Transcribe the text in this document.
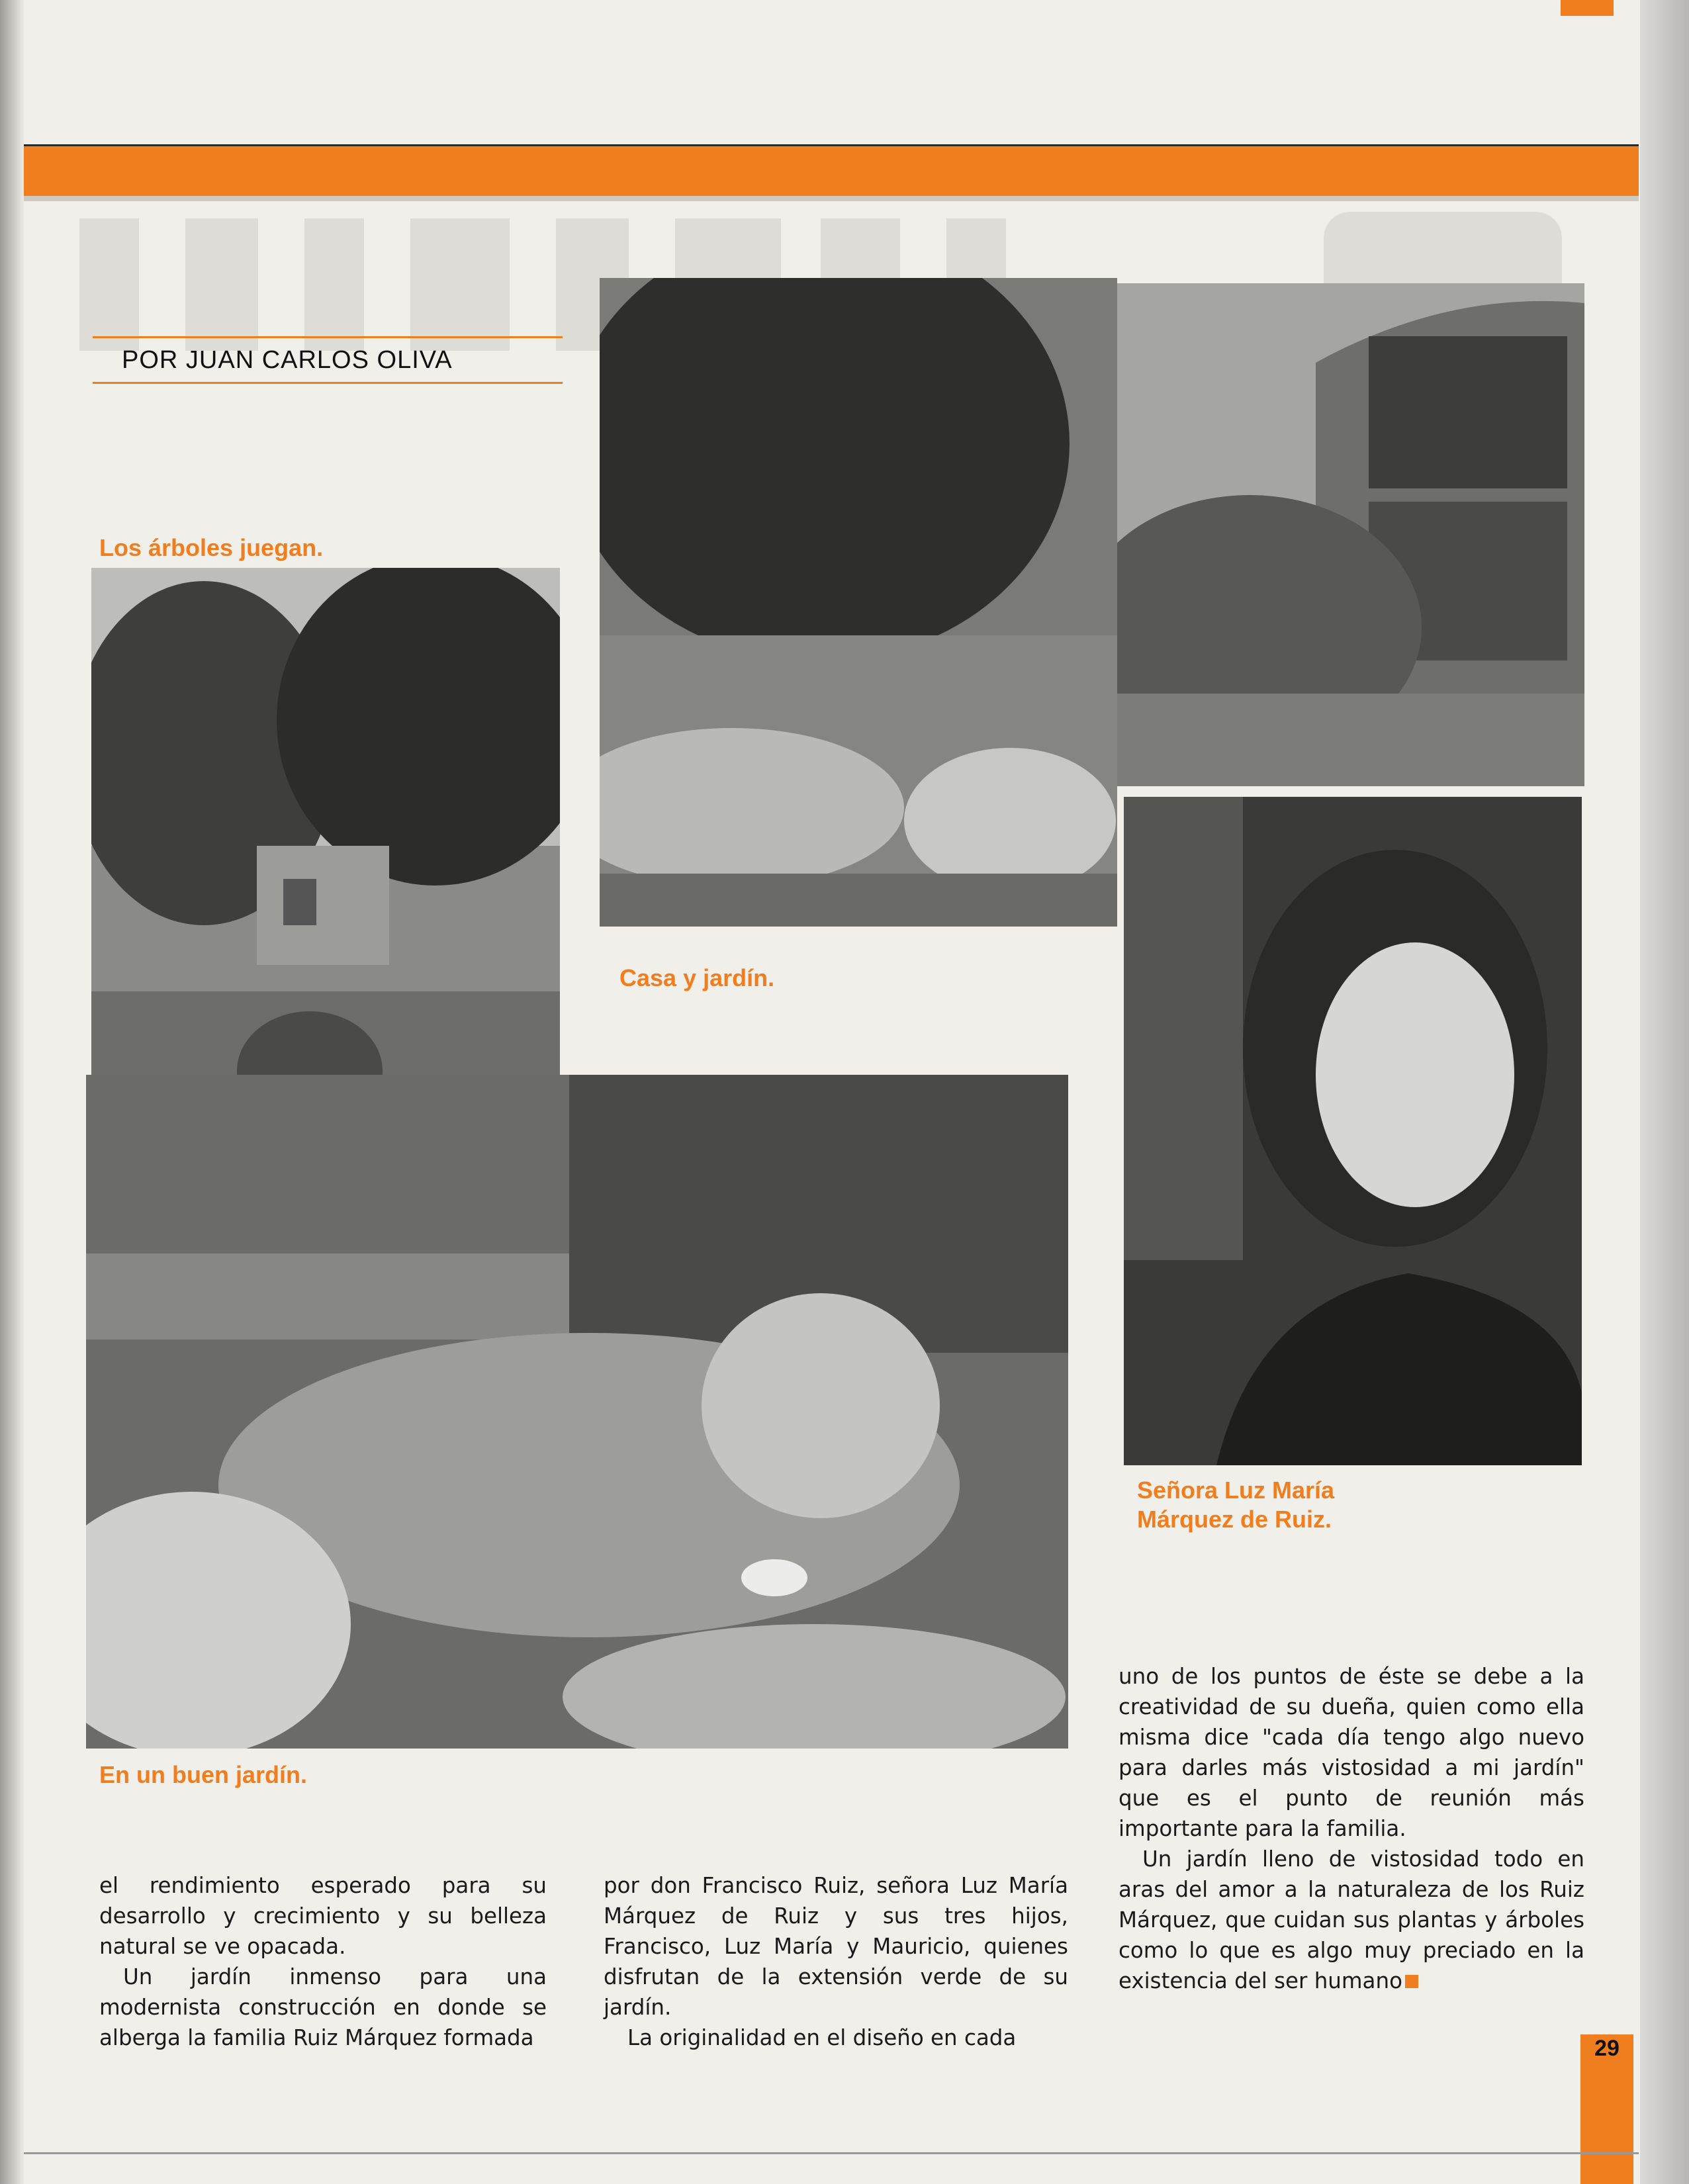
POR JUAN CARLOS OLIVA
Los árboles juegan.
Casa y jardín.
Señora Luz María
Márquez de Ruiz.
En un buen jardín.

el rendimiento esperado para su desarrollo y crecimiento y su belleza natural se ve opacada.

Un jardín inmenso para una modernista construcción en donde se alberga la familia Ruiz Márquez formada

por don Francisco Ruiz, señora Luz María Márquez de Ruiz y sus tres hijos, Francisco, Luz María y Mauricio, quienes disfrutan de la extensión verde de su jardín.

La originalidad en el diseño en cada

uno de los puntos de éste se debe a la creatividad de su dueña, quien como ella misma dice "cada día tengo algo nuevo para darles más vistosidad a mi jardín" que es el punto de reunión más importante para la familia.

Un jardín lleno de vistosidad todo en aras del amor a la naturaleza de los Ruiz Márquez, que cuidan sus plantas y árboles como lo que es algo muy preciado en la existencia del ser humano

29
